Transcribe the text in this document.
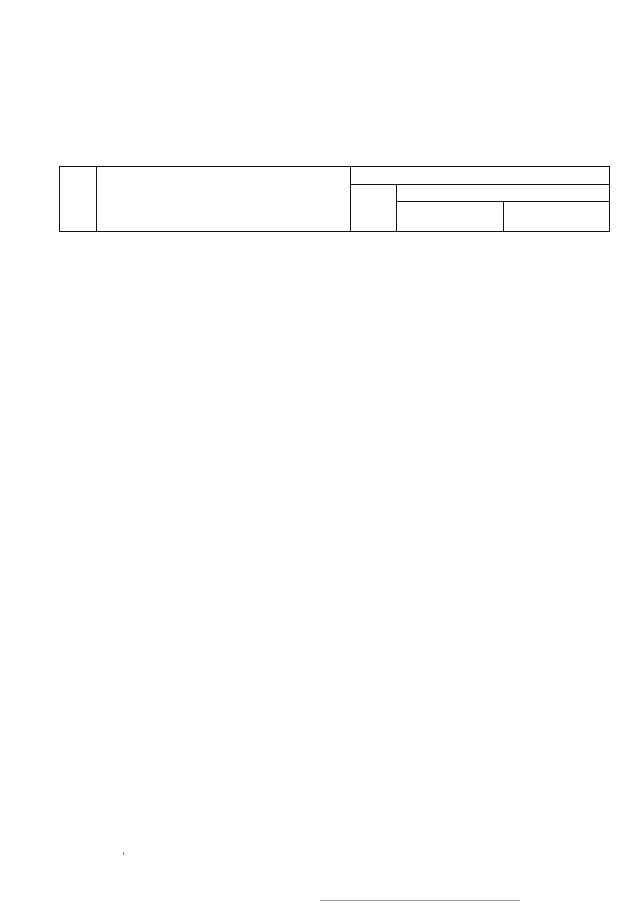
ʼ
